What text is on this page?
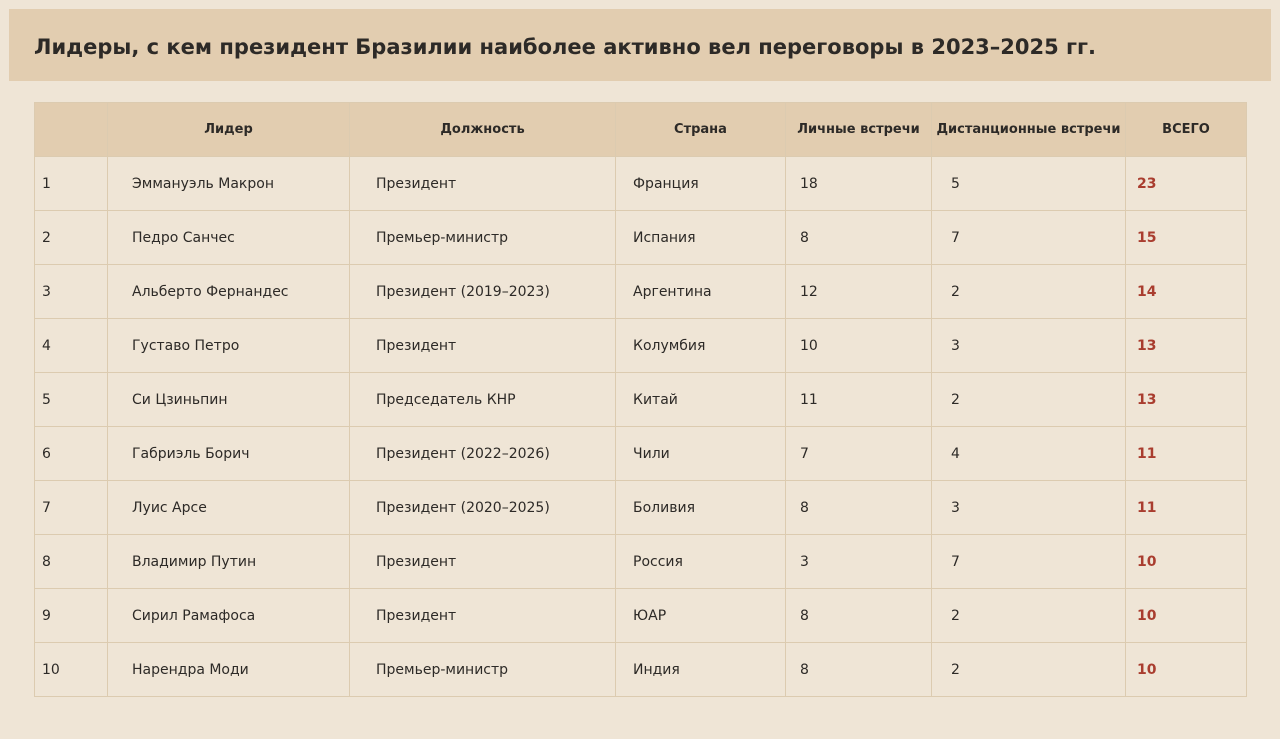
Лидеры, с кем президент Бразилии наиболее активно вел переговоры в 2023–2025 гг.
	Лидер	Должность	Страна	Личные встречи	Дистанционные встречи	ВСЕГО
1	Эммануэль Макрон	Президент	Франция	18	5	23
2	Педро Санчес	Премьер-министр	Испания	8	7	15
3	Альберто Фернандес	Президент (2019–2023)	Аргентина	12	2	14
4	Густаво Петро	Президент	Колумбия	10	3	13
5	Си Цзиньпин	Председатель КНР	Китай	11	2	13
6	Габриэль Борич	Президент (2022–2026)	Чили	7	4	11
7	Луис Арсе	Президент (2020–2025)	Боливия	8	3	11
8	Владимир Путин	Президент	Россия	3	7	10
9	Сирил Рамафоса	Президент	ЮАР	8	2	10
10	Нарендра Моди	Премьер-министр	Индия	8	2	10
